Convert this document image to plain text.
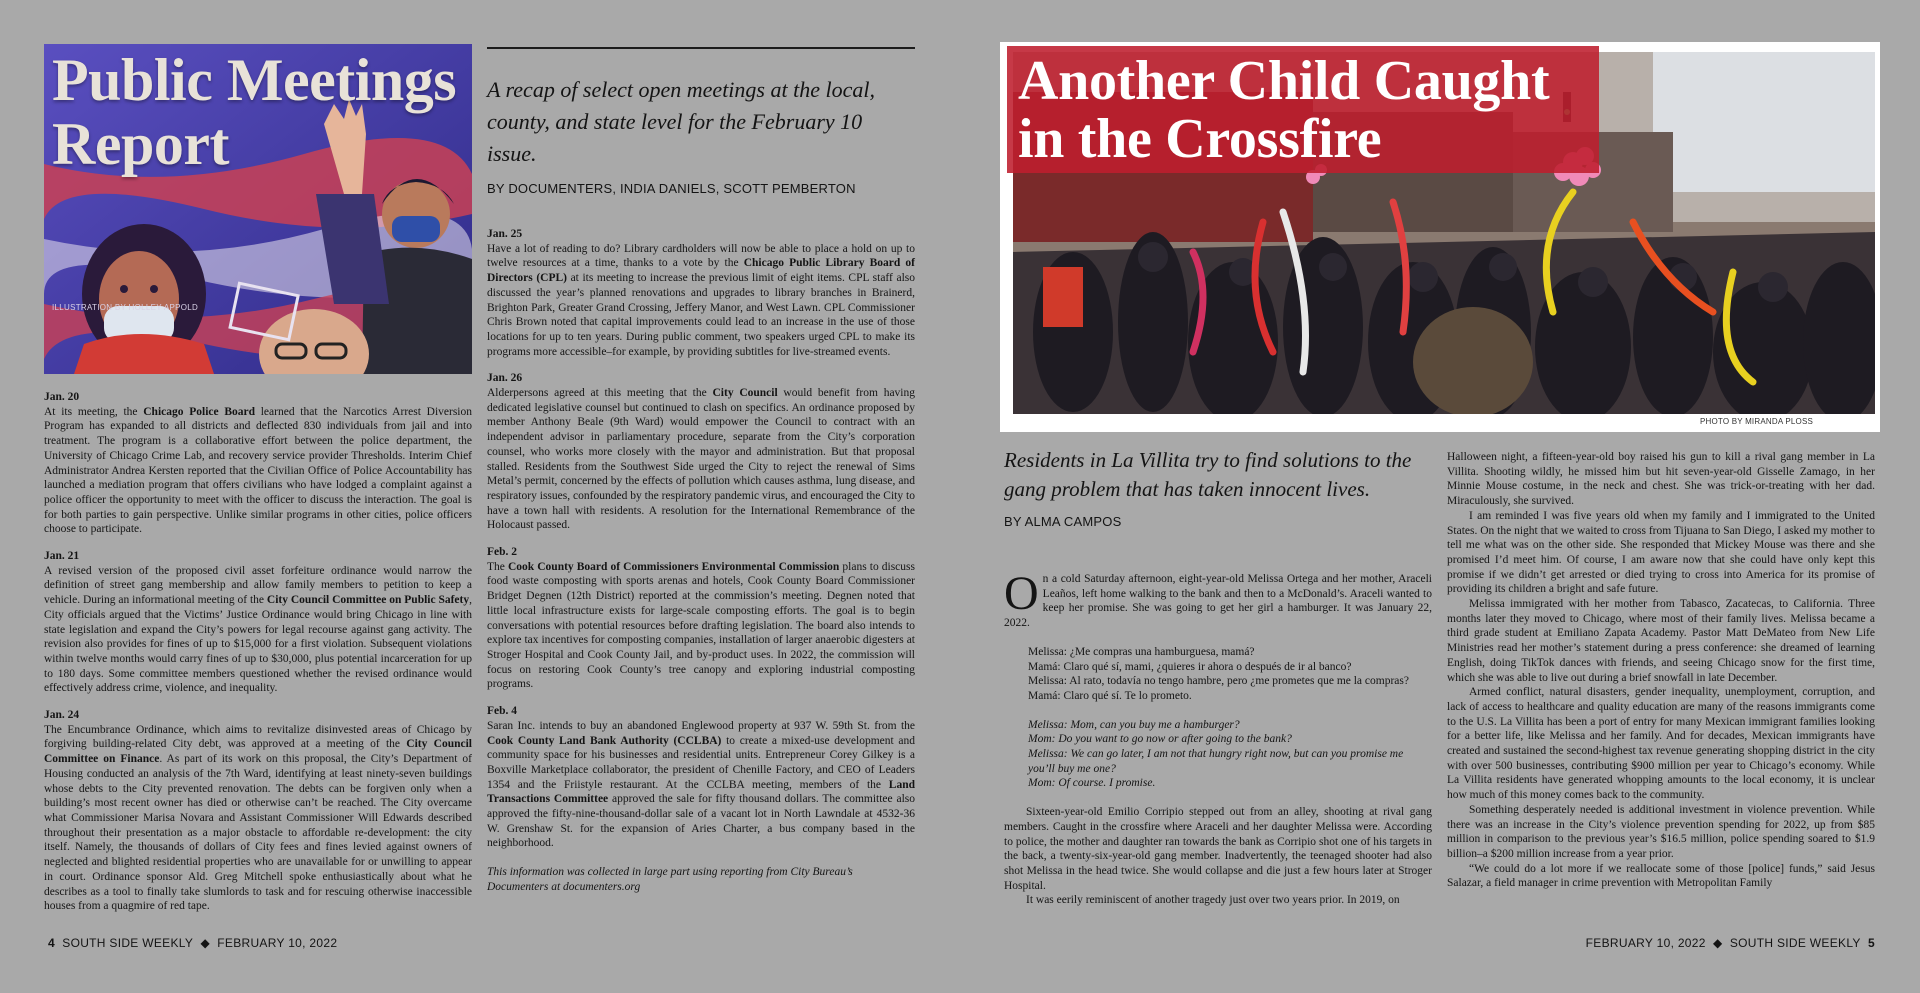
Public Meetings
Report
ILLUSTRATION BY HOLLEY APPOLD
A recap of select open meetings at the local, county, and state level for the February 10 issue.
BY DOCUMENTERS, INDIA DANIELS, SCOTT PEMBERTON
Jan. 20

At its meeting, the Chicago Police Board learned that the Narcotics Arrest Diversion Program has expanded to all districts and deflected 830 individuals from jail and into treatment. The program is a collaborative effort between the police department, the University of Chicago Crime Lab, and recovery service provider Thresholds. Interim Chief Administrator Andrea Kersten reported that the Civilian Office of Police Accountability has launched a mediation program that offers civilians who have lodged a complaint against a police officer the opportunity to meet with the officer to discuss the interaction. The goal is for both parties to gain perspective. Unlike similar programs in other cities, police officers choose to participate.

Jan. 21

A revised version of the proposed civil asset forfeiture ordinance would narrow the definition of street gang membership and allow family members to petition to keep a vehicle. During an informational meeting of the City Council Committee on Public Safety, City officials argued that the Victims’ Justice Ordinance would bring Chicago in line with state legislation and expand the City’s powers for legal recourse against gang activity. The revision also provides for fines of up to $15,000 for a first violation. Subsequent violations within twelve months would carry fines of up to $30,000, plus potential incarceration for up to 180 days. Some committee members questioned whether the revised ordinance would effectively address crime, violence, and inequality.

Jan. 24

The Encumbrance Ordinance, which aims to revitalize disinvested areas of Chicago by forgiving building-related City debt, was approved at a meeting of the City Council Committee on Finance. As part of its work on this proposal, the City’s Department of Housing conducted an analysis of the 7th Ward, identifying at least ninety-seven buildings whose debts to the City prevented renovation. The debts can be forgiven only when a building’s most recent owner has died or otherwise can’t be reached. The City overcame what Commissioner Marisa Novara and Assistant Commissioner Will Edwards described throughout their presentation as a major obstacle to affordable re-development: the city itself. Namely, the thousands of dollars of City fees and fines levied against owners of neglected and blighted residential properties who are unavailable for or unwilling to appear in court. Ordinance sponsor Ald. Greg Mitchell spoke enthusiastically about what he describes as a tool to finally take slumlords to task and for rescuing otherwise inaccessible houses from a quagmire of red tape.

Jan. 25

Have a lot of reading to do? Library cardholders will now be able to place a hold on up to twelve resources at a time, thanks to a vote by the Chicago Public Library Board of Directors (CPL) at its meeting to increase the previous limit of eight items. CPL staff also discussed the year’s planned renovations and upgrades to library branches in Brainerd, Brighton Park, Greater Grand Crossing, Jeffery Manor, and West Lawn. CPL Commissioner Chris Brown noted that capital improvements could lead to an increase in the use of those locations for up to ten years. During public comment, two speakers urged CPL to make its programs more accessible–for example, by providing subtitles for live-streamed events.

Jan. 26

Alderpersons agreed at this meeting that the City Council would benefit from having dedicated legislative counsel but continued to clash on specifics. An ordinance proposed by member Anthony Beale (9th Ward) would empower the Council to contract with an independent advisor in parliamentary procedure, separate from the City’s corporation counsel, who works more closely with the mayor and administration. But that proposal stalled. Residents from the Southwest Side urged the City to reject the renewal of Sims Metal’s permit, concerned by the effects of pollution which causes asthma, lung disease, and respiratory issues, confounded by the respiratory pandemic virus, and encouraged the City to have a town hall with residents. A resolution for the International Remembrance of the Holocaust passed.

Feb. 2

The Cook County Board of Commissioners Environmental Commission plans to discuss food waste composting with sports arenas and hotels, Cook County Board Commissioner Bridget Degnen (12th District) reported at the commission’s meeting. Degnen noted that little local infrastructure exists for large-scale composting efforts. The goal is to begin conversations with potential resources before drafting legislation. The board also intends to explore tax incentives for composting companies, installation of larger anaerobic digesters at Stroger Hospital and Cook County Jail, and by-product uses. In 2022, the commission will focus on restoring Cook County’s tree canopy and exploring industrial composting programs.

Feb. 4

Saran Inc. intends to buy an abandoned Englewood property at 937 W. 59th St. from the Cook County Land Bank Authority (CCLBA) to create a mixed-use development and community space for his businesses and residential units. Entrepreneur Corey Gilkey is a Boxville Marketplace collaborator, the president of Chenille Factory, and CEO of Leaders 1354 and the Friistyle restaurant. At the CCLBA meeting, members of the Land Transactions Committee approved the sale for fifty thousand dollars. The committee also approved the fifty-nine-thousand-dollar sale of a vacant lot in North Lawndale at 4532-36 W. Grenshaw St. for the expansion of Aries Charter, a bus company based in the neighborhood.

This information was collected in large part using reporting from City Bureau’s Documenters at documenters.org

4 SOUTH SIDE WEEKLY ◆ FEBRUARY 10, 2022
Another Child Caught
in the Crossfire
PHOTO BY MIRANDA PLOSS
Residents in La Villita try to find solutions to the gang problem that has taken innocent lives.
BY ALMA CAMPOS

On a cold Saturday afternoon, eight-year-old Melissa Ortega and her mother, Araceli Leaños, left home walking to the bank and then to a McDonald’s. Araceli wanted to keep her promise. She was going to get her girl a hamburger. It was January 22, 2022.

Melissa: ¿Me compras una hamburguesa, mamá?

Mamá: Claro qué sí, mami, ¿quieres ir ahora o después de ir al banco?

Melissa: Al rato, todavía no tengo hambre, pero ¿me prometes que me la compras?

Mamá: Claro qué sí. Te lo prometo.

Melissa: Mom, can you buy me a hamburger?

Mom: Do you want to go now or after going to the bank?

Melissa: We can go later, I am not that hungry right now, but can you promise me you’ll buy me one?

Mom: Of course. I promise.

Sixteen-year-old Emilio Corripio stepped out from an alley, shooting at rival gang members. Caught in the crossfire where Araceli and her daughter Melissa were. According to police, the mother and daughter ran towards the bank as Corripio shot one of his targets in the back, a twenty-six-year-old gang member. Inadvertently, the teenaged shooter had also shot Melissa in the head twice. She would collapse and die just a few hours later at Stroger Hospital.

It was eerily reminiscent of another tragedy just over two years prior. In 2019, on

Halloween night, a fifteen-year-old boy raised his gun to kill a rival gang member in La Villita. Shooting wildly, he missed him but hit seven-year-old Gisselle Zamago, in her Minnie Mouse costume, in the neck and chest. She was trick-or-treating with her dad. Miraculously, she survived.

I am reminded I was five years old when my family and I immigrated to the United States. On the night that we waited to cross from Tijuana to San Diego, I asked my mother to tell me what was on the other side. She responded that Mickey Mouse was there and she promised I’d meet him. Of course, I am aware now that she could have only kept this promise if we didn’t get arrested or died trying to cross into America for its promise of providing its children a bright and safe future.

Melissa immigrated with her mother from Tabasco, Zacatecas, to California. Three months later they moved to Chicago, where most of their family lives. Melissa became a third grade student at Emiliano Zapata Academy. Pastor Matt DeMateo from New Life Ministries read her mother’s statement during a press conference: she dreamed of learning English, doing TikTok dances with friends, and seeing Chicago snow for the first time, which she was able to live out during a brief snowfall in late December.

Armed conflict, natural disasters, gender inequality, unemployment, corruption, and lack of access to healthcare and quality education are many of the reasons immigrants come to the U.S. La Villita has been a port of entry for many Mexican immigrant families looking for a better life, like Melissa and her family. And for decades, Mexican immigrants have created and sustained the second-highest tax revenue generating shopping district in the city with over 500 businesses, contributing $900 million per year to Chicago’s economy. While La Villita residents have generated whopping amounts to the local economy, it is unclear how much of this money comes back to the community.

Something desperately needed is additional investment in violence prevention. While there was an increase in the City’s violence prevention spending for 2022, up from $85 million in comparison to the previous year’s $16.5 million, police spending soared to $1.9 billion–a $200 million increase from a year prior.

“We could do a lot more if we reallocate some of those [police] funds,” said Jesus Salazar, a field manager in crime prevention with Metropolitan Family

FEBRUARY 10, 2022 ◆ SOUTH SIDE WEEKLY 5
